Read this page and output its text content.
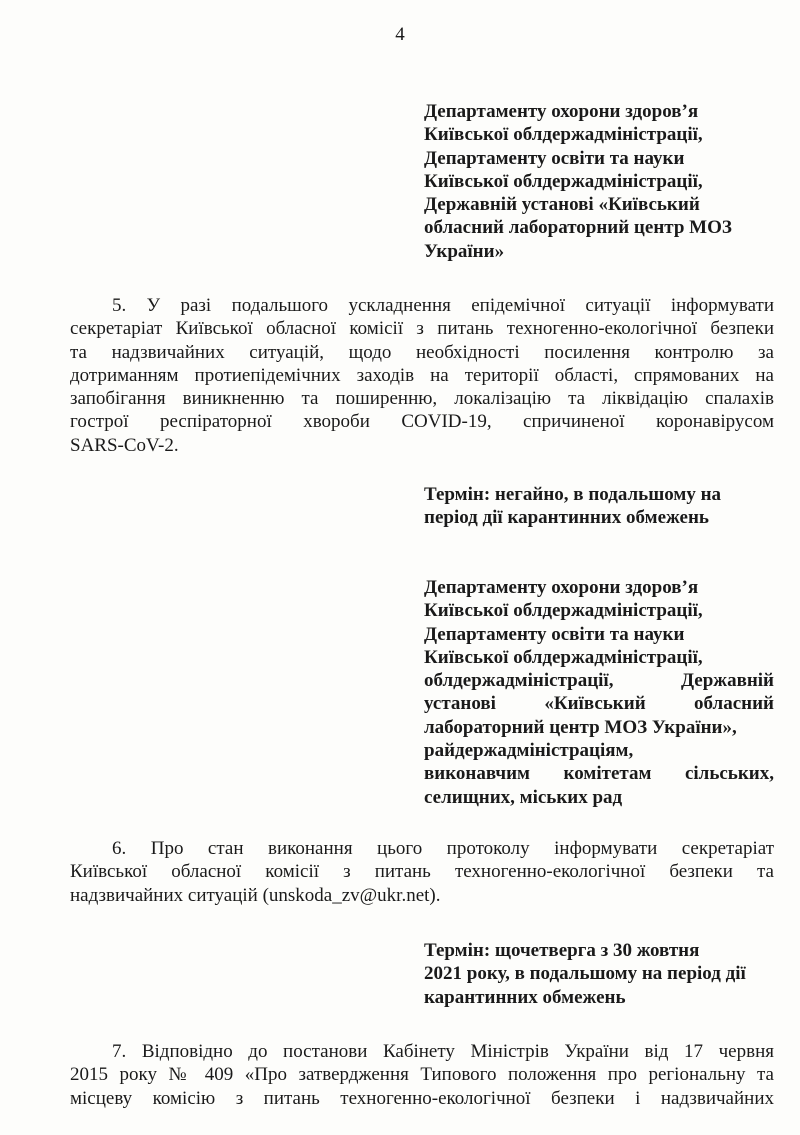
4
Департаменту охорони здоров’я
Київської облдержадміністрації,
Департаменту освіти та науки
Київської облдержадміністрації,
Державній установі «Київський
обласний лабораторний центр МОЗ
України»
5. У разі подальшого ускладнення епідемічної ситуації інформувати
секретаріат Київської обласної комісії з питань техногенно-екологічної безпеки
та надзвичайних ситуацій, щодо необхідності посилення контролю за
дотриманням протиепідемічних заходів на території області, спрямованих на
запобігання виникненню та поширенню, локалізацію та ліквідацію спалахів
гострої респіраторної хвороби COVID-19, спричиненої коронавірусом
SARS-CoV-2.
Термін: негайно, в подальшому на
період дії карантинних обмежень
Департаменту охорони здоров’я
Київської облдержадміністрації,
Департаменту освіти та науки
Київської облдержадміністрації,
облдержадміністрації, Державній
установі «Київський обласний
лабораторний центр МОЗ України»,
райдержадміністраціям,
виконавчим комітетам сільських,
селищних, міських рад
6. Про стан виконання цього протоколу інформувати секретаріат
Київської обласної комісії з питань техногенно-екологічної безпеки та
надзвичайних ситуацій (unskoda_zv@ukr.net).
Термін: щочетверга з 30 жовтня
2021 року, в подальшому на період дії
карантинних обмежень
7. Відповідно до постанови Кабінету Міністрів України від 17 червня
2015 року № 409 «Про затвердження Типового положення про регіональну та
місцеву комісію з питань техногенно-екологічної безпеки і надзвичайних
